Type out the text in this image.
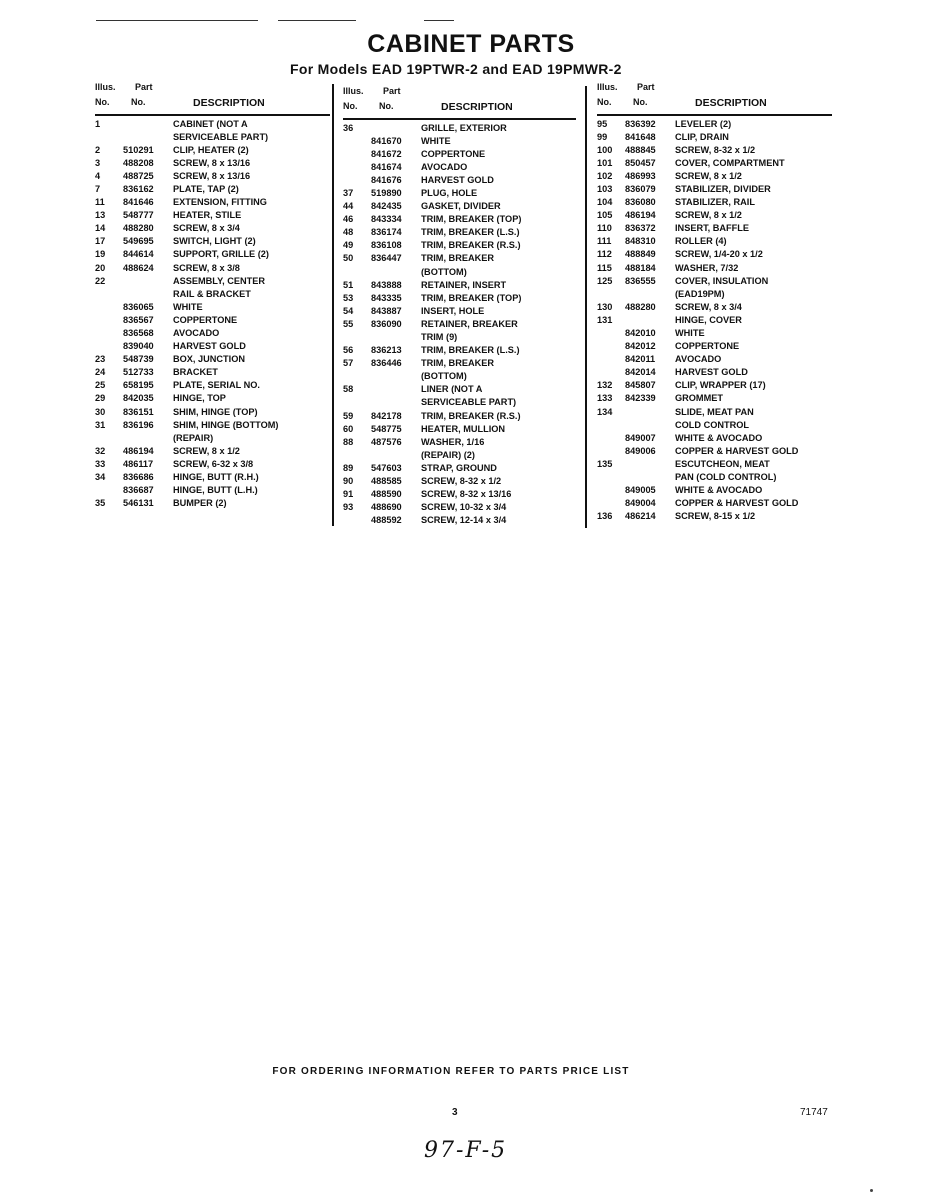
CABINET PARTS
For Models EAD 19PTWR-2 and EAD 19PMWR-2
Illus.
No.
Part
No.	DESCRIPTION
1	CABINET (NOT A
SERVICEABLE PART)
2	510291	CLIP, HEATER (2)
3	488208	SCREW, 8 x 13/16
4	488725	SCREW, 8 x 13/16
7	836162	PLATE, TAP (2)
11	841646	EXTENSION, FITTING
13	548777	HEATER, STILE
14	488280	SCREW, 8 x 3/4
17	549695	SWITCH, LIGHT (2)
19	844614	SUPPORT, GRILLE (2)
20	488624	SCREW, 8 x 3/8
22	ASSEMBLY, CENTER
RAIL & BRACKET
836065	WHITE
836567	COPPERTONE
836568	AVOCADO
839040	HARVEST GOLD
23	548739	BOX, JUNCTION
24	512733	BRACKET
25	658195	PLATE, SERIAL NO.
29	842035	HINGE, TOP
30	836151	SHIM, HINGE (TOP)
31	836196	SHIM, HINGE (BOTTOM)
(REPAIR)
32	486194	SCREW, 8 x 1/2
33	486117	SCREW, 6-32 x 3/8
34	836686	HINGE, BUTT (R.H.)
836687	HINGE, BUTT (L.H.)
35	546131	BUMPER (2)
Illus.
No.
Part
No.	DESCRIPTION
36	GRILLE, EXTERIOR
841670	WHITE
841672	COPPERTONE
841674	AVOCADO
841676	HARVEST GOLD
37	519890	PLUG, HOLE
44	842435	GASKET, DIVIDER
46	843334	TRIM, BREAKER (TOP)
48	836174	TRIM, BREAKER (L.S.)
49	836108	TRIM, BREAKER (R.S.)
50	836447	TRIM, BREAKER
(BOTTOM)
51	843888	RETAINER, INSERT
53	843335	TRIM, BREAKER (TOP)
54	843887	INSERT, HOLE
55	836090	RETAINER, BREAKER
TRIM (9)
56	836213	TRIM, BREAKER (L.S.)
57	836446	TRIM, BREAKER
(BOTTOM)
58	LINER (NOT A
SERVICEABLE PART)
59	842178	TRIM, BREAKER (R.S.)
60	548775	HEATER, MULLION
88	487576	WASHER, 1/16
(REPAIR) (2)
89	547603	STRAP, GROUND
90	488585	SCREW, 8-32 x 1/2
91	488590	SCREW, 8-32 x 13/16
93	488690	SCREW, 10-32 x 3/4
488592	SCREW, 12-14 x 3/4
Illus.
No.
Part
No.	DESCRIPTION
95	836392	LEVELER (2)
99	841648	CLIP, DRAIN
100	488845	SCREW, 8-32 x 1/2
101	850457	COVER, COMPARTMENT
102	486993	SCREW, 8 x 1/2
103	836079	STABILIZER, DIVIDER
104	836080	STABILIZER, RAIL
105	486194	SCREW, 8 x 1/2
110	836372	INSERT, BAFFLE
111	848310	ROLLER (4)
112	488849	SCREW, 1/4-20 x 1/2
115	488184	WASHER, 7/32
125	836555	COVER, INSULATION
(EAD19PM)
130	488280	SCREW, 8 x 3/4
131	HINGE, COVER
842010	WHITE
842012	COPPERTONE
842011	AVOCADO
842014	HARVEST GOLD
132	845807	CLIP, WRAPPER (17)
133	842339	GROMMET
134	SLIDE, MEAT PAN
COLD CONTROL
849007	WHITE & AVOCADO
849006	COPPER & HARVEST GOLD
135	ESCUTCHEON, MEAT
PAN (COLD CONTROL)
849005	WHITE & AVOCADO
849004	COPPER & HARVEST GOLD
136	486214	SCREW, 8-15 x 1/2
FOR ORDERING INFORMATION REFER TO PARTS PRICE LIST
3	71747
97-F-5
